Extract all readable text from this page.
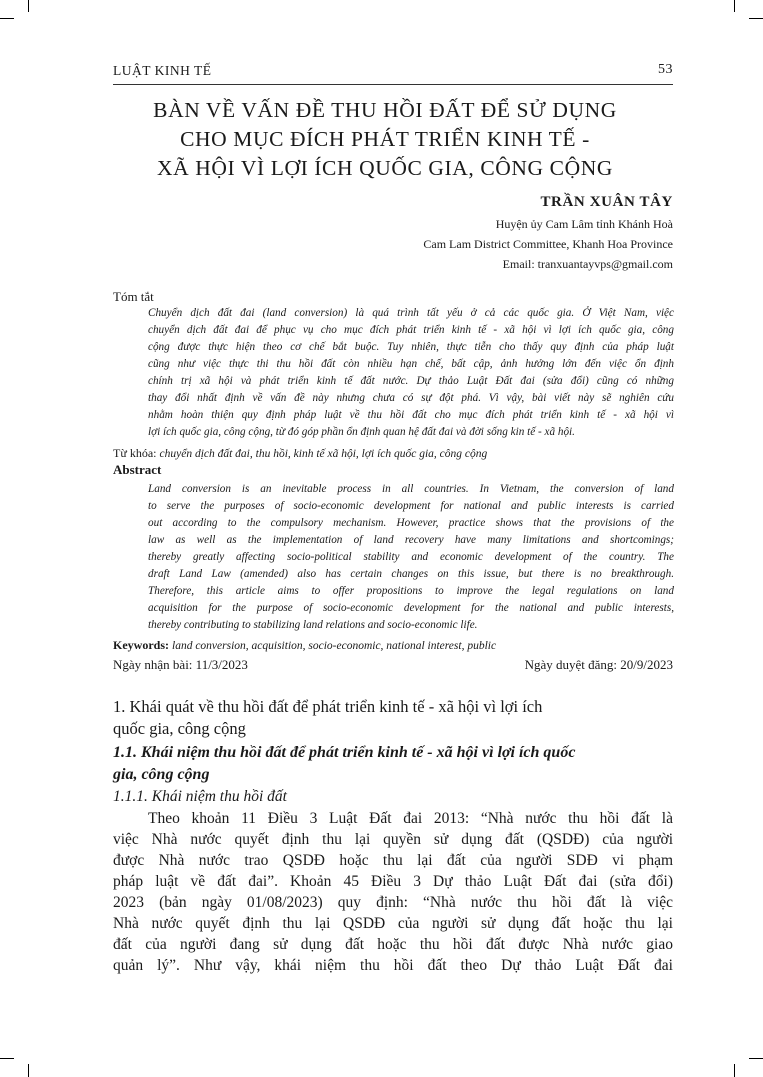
LUẬT KINH TẾ	53
BÀN VỀ VẤN ĐỀ THU HỒI ĐẤT ĐỂ SỬ DỤNG
CHO MỤC ĐÍCH PHÁT TRIỂN KINH TẾ -
XÃ HỘI VÌ LỢI ÍCH QUỐC GIA, CÔNG CỘNG
TRẦN XUÂN TÂY
Huyện ủy Cam Lâm tỉnh Khánh Hoà
Cam Lam District Committee, Khanh Hoa Province
Email: tranxuantayvps@gmail.com
Tóm tắt
Chuyển dịch đất đai (land conversion) là quá trình tất yếu ở cả các quốc gia. Ở Việt Nam, việc
chuyển dịch đất đai để phục vụ cho mục đích phát triển kinh tế - xã hội vì lợi ích quốc gia, công
cộng được thực hiện theo cơ chế bắt buộc. Tuy nhiên, thực tiễn cho thấy quy định của pháp luật
cũng như việc thực thi thu hồi đất còn nhiều hạn chế, bất cập, ảnh hưởng lớn đến việc ổn định
chính trị xã hội và phát triển kinh tế đất nước. Dự thảo Luật Đất đai (sửa đổi) cũng có những
thay đổi nhất định về vấn đề này nhưng chưa có sự đột phá. Vì vậy, bài viết này sẽ nghiên cứu
nhằm hoàn thiện quy định pháp luật về thu hồi đất cho mục đích phát triển kinh tế - xã hội vì
lợi ích quốc gia, công cộng, từ đó góp phần ổn định quan hệ đất đai và đời sống kin tế - xã hội.
Từ khóa: chuyển dịch đất đai, thu hồi, kinh tế xã hội, lợi ích quốc gia, công cộng
Abstract
Land conversion is an inevitable process in all countries. In Vietnam, the conversion of land
to serve the purposes of socio-economic development for national and public interests is carried
out according to the compulsory mechanism. However, practice shows that the provisions of the
law as well as the implementation of land recovery have many limitations and shortcomings;
thereby greatly affecting socio-political stability and economic development of the country. The
draft Land Law (amended) also has certain changes on this issue, but there is no breakthrough.
Therefore, this article aims to offer propositions to improve the legal regulations on land
acquisition for the purpose of socio-economic development for the national and public interests,
thereby contributing to stabilizing land relations and socio-economic life.
Keywords: land conversion, acquisition, socio-economic, national interest, public
Ngày nhận bài: 11/3/2023	Ngày duyệt đăng: 20/9/2023
1. Khái quát về thu hồi đất để phát triển kinh tế - xã hội vì lợi ích
quốc gia, công cộng
1.1. Khái niệm thu hồi đất để phát triển kinh tế - xã hội vì lợi ích quốc
gia, công cộng
1.1.1. Khái niệm thu hồi đất
Theo khoản 11 Điều 3 Luật Đất đai 2013: “Nhà nước thu hồi đất là
việc Nhà nước quyết định thu lại quyền sử dụng đất (QSDĐ) của người
được Nhà nước trao QSDĐ hoặc thu lại đất của người SDĐ vi phạm
pháp luật về đất đai”. Khoản 45 Điều 3 Dự thảo Luật Đất đai (sửa đổi)
2023 (bản ngày 01/08/2023) quy định: “Nhà nước thu hồi đất là việc
Nhà nước quyết định thu lại QSDĐ của người sử dụng đất hoặc thu lại
đất của người đang sử dụng đất hoặc thu hồi đất được Nhà nước giao
quản lý”. Như vậy, khái niệm thu hồi đất theo Dự thảo Luật Đất đai
